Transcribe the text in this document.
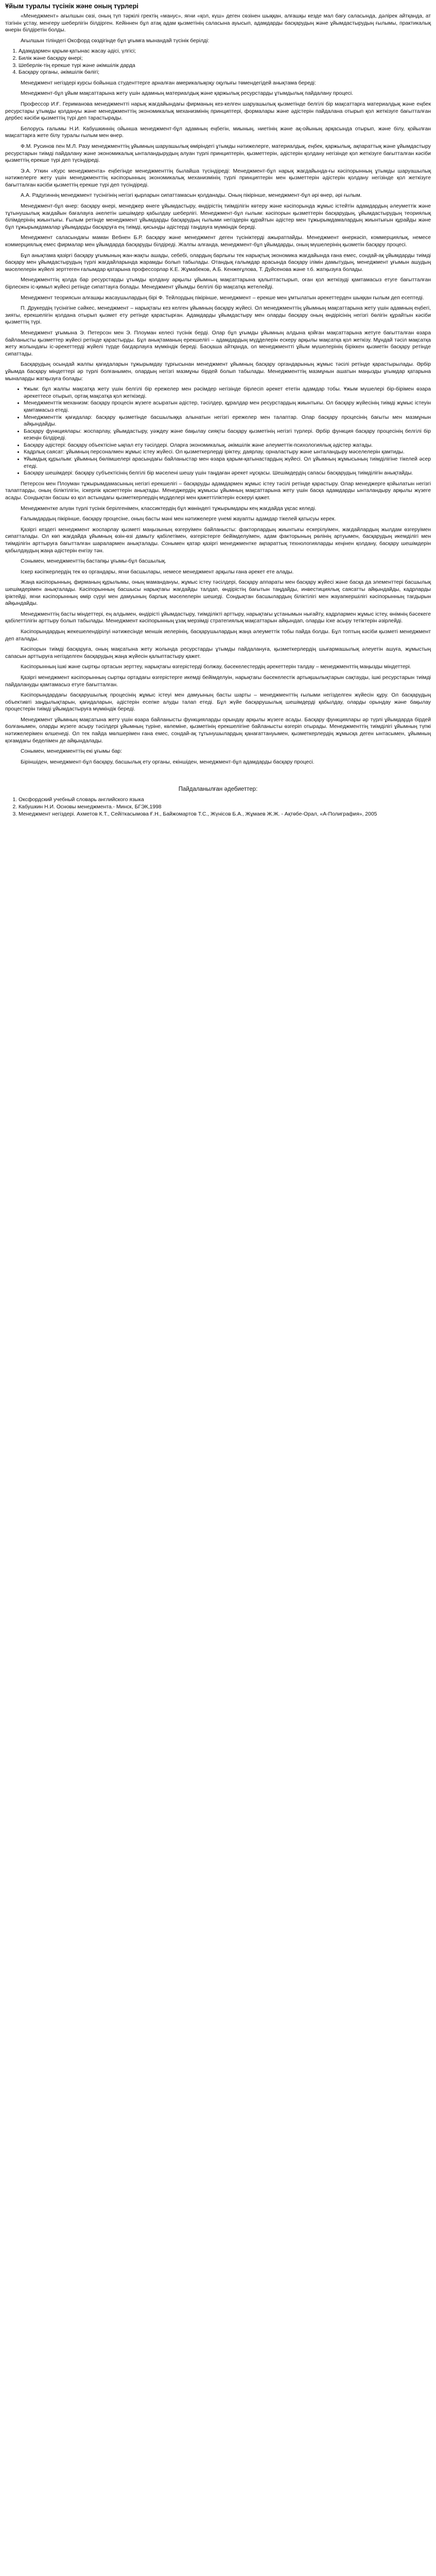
Ұйым туралы түсінік және оның түрлері

«Менеджмент» ағылшын сөзі, оның түп тәркілі гректің «манус», яғни «қол, күш» деген сөзінен шыққан, алғашқы кезде мал бағу саласында, дәлірек айтқанда, ат тізгінін ұстау, менгеру шеберлігін білдірген. Кейіннен бұл атақ адам қызметінің саласына ауысып, адамдарды басқарудың және ұйымдастырудың ғылымы, практикалық өнерін білдіретін болды.

Ағылшын тіліндегі Оксфорд сөздігінде бұл ұғымға мынандай түсінік берілді:

1. Адамдармен қарым-қатынас жасау әдісі, үлгісі;
2. Билік және басқару өнері;
3. Шеберлік-тің ерекше түрі және әкімшілік дарда
4. Басқару органы, әкімшілік бөлігі;

Менеджмент негіздері курсы бойынша студенттерге арналған америкалықоқу оқулығы төмендегідей анықтама береді:

Менеджмент-бұл ұйым мақсаттарына жету үшін адамның материалдық және қаржылық ресурстарды ұтымдылық пайдалану процесі.

Профессор И.Ғ. Гериманова менеджментті нарық жағдайындағы фирманың кез-келген шаруашылық қызметінде белгілі бір мақсаттарға материалдық және еңбек ресурстары ұтымды қолдануы және менеджменттің экономикалық механизмінің принциптері, формалары және әдістерін пайдалана отырып қол жеткізуге бағытталған дербес кәсіби қызметтің түрі деп тарастырады.

Белорусь ғалымы Н.И. Кабушкиннің ойынша менеджмент-бұл адамның еңбегін, миының, ниетінің және ақ-ойының арқасында отырып, және білу, қойылған мақсаттарға жете білу туралы ғылым мен өнер.

Ф.М. Русинов пен М.Л. Разу менеджменттің ұйымның шаруашылық өміріндегі ұтымды нәтижелерге, материалдық, еңбек, қаржылық, ақпараттық және ұйымдастыру ресурстарын тиімді пайдалану және экономикалық ынталандырудың алуан түрлі принциптерін, қызметтерін, әдістерін қолдану негізінде қол жеткізуге бағытталған кәсіби қызметтің ерекше түрі деп түсіндіреді.

Э.А. Уткин «Курс менеджмента» еңбегінде менеджменттің былайша түсіндіреді: Менеджмент-бұл нарық жағдайында-ғы кәсіпорынның ұтымды шаруашылық нәтижелерге жету үшін менеджменттің кәсіпорынның экономикалық механизмінің түрлі принциптерін мен қызметтерін әдістерін қолдану негізінде қол жеткізуге бағытталған кәсіби қызметтің ерекше түрі деп түсіндіреді.

А.А. Радугиннің менеджмент түсінігінің негізгі қырларын сипаттамасын қолданады. Оның пікірінше, менеджмент-бұл әрі өнер, әрі ғылым.

Менеджмент-бұл өнер: басқару өнері, менеджер өнеге ұйымдастыру, өндірістің тиімділігін көтеру және кәсіпорында жұмыс істейтін адамдардың әлеуметтік және тұтынушылық жағдайын бағалауға әкелетін шешімдер қабылдау шеберлігі. Менеджмент-бұл ғылым: кәсіпорын қызметтерін басқарудың, ұйымдастырудың теориялық білімдерінің жиынтығы. Ғылым ретінде менеджмент ұйымдарды басқарудың ғылыми негіздерін құрайтын әдістер мен тұжырымдамалардың жиынтығын құрайды және бұл тұжырымдамалар ұйымдарды басқаруға ең тиімді, қисынды әдістерді таңдауға мүмкіндік береді.

Менеджмент саласындағы маман Вебнен Б.Р. басқару және менеджмент деген түсініктерді ажыратпайды. Менеджмент өнеркәсіп, коммерциялық, немесе коммерциялық емес фирмалар мен ұйымдарда басқаруды білдіреді. Жалпы алғанда, менеджмент-бұл ұйымдарды, оның мүшелерінің қызметін басқару процесі.

Бұл анықтама қазіргі басқару ұғымының жан-жақты ашады, себебі, олардың барлығы тек нарықтық экономика жағдайында ғана емес, сондай-ақ ұйымдарды тиімді басқару мен ұйымдастырудың түрлі жағдайларында жарамды болып табылады. Отандық ғалымдар арасында басқару ілімін дамытудың, менеджмент ұғымын ашудың мәселелерін жүйелі зерттеген ғалымдар қатарына профессорлар К.Е. Жұмабеков, А.Б. Кенжеғұлова, Т. Дүйсенова және т.б. жатқызуға болады.

Менеджменттің қолда бар ресурстарды ұтымды қолдану арқылы ұйымның мақсаттарына қалыптастырып, оған қол жеткізуді қамтамасыз етуге бағытталған бірлескен іс-қимыл жүйесі ретінде сипаттауға болады. Менеджмент ұйымды белгілі бір мақсатқа жетелейді.

Менеджмент теориясын алғашқы жасаушылардың бірі Ф. Тейлордың пікірінше, менеджмент – ерекше мен ұмтылатын әрекеттерден шыққан ғылым деп есептеді.

П. Друкердің түсінігіне сәйкес, менеджмент – нарықтағы кез келген ұйымның басқару жүйесі. Ол менеджменттің ұйымның мақсаттарына жету үшін адамның еңбегі, зияты, ерекшелігін қолдана отырып қызмет ету ретінде қарастырған. Адамдарды ұйымдастыру мен оларды басқару оның өндірісінің негізгі бөлігін құрайтын кәсіби қызметтің түрі.

Менеджмент ұғымына Э. Петерсон мен Э. Плоуман келесі түсінік берді. Олар бұл ұғымды ұйымның алдына қойған мақсаттарына жетуге бағытталған өзара байланысты қызметтер жүйесі ретінде қарастырды. Бұл анықтаманың ерекшелігі – адамдардың мүдделерін ескеру арқылы мақсатқа қол жеткізу. Мұндай тәсіл мақсатқа жету жолындағы іс-әрекеттерді жүйелі түрде бағдарлауға мүмкіндік береді. Басқаша айтқанда, ол менеджментті ұйым мүшелерінің біріккен қызметін басқару ретінде сипаттады.

Басқарудың осындай жалпы қағидаларын тұжырымдау тұрғысынан менеджмент ұйымның басқару органдарының жұмыс тәсілі ретінде қарастырылады. Әрбір ұйымда басқару міндеттері әр түрлі болғанымен, олардың негізгі мазмұны бірдей болып табылады. Менеджменттің мазмұнын ашатын маңызды ұғымдар қатарына мыналарды жатқызуға болады:

• Ұжым: бұл жалпы мақсатқа жету үшін белгілі бір ережелер мен рәсімдер негізінде бірлесіп әрекет ететін адамдар тобы. Ұжым мүшелері бір-бірімен өзара әрекеттесе отырып, ортақ мақсатқа қол жеткізеді.
• Менеджменттік механизм: басқару процесін жүзеге асыратын әдістер, тәсілдер, құралдар мен ресурстардың жиынтығы. Ол басқару жүйесінің тиімді жұмыс істеуін қамтамасыз етеді.
• Менеджменттік қағидалар: басқару қызметінде басшылыққа алынатын негізгі ережелер мен талаптар. Олар басқару процесінің бағыты мен мазмұнын айқындайды.
• Басқару функциялары: жоспарлау, ұйымдастыру, уәждеу және бақылау сияқты басқару қызметінің негізгі түрлері. Әрбір функция басқару процесінің белгілі бір кезеңін білдіреді.
• Басқару әдістері: басқару объектісіне ықпал ету тәсілдері. Оларға экономикалық, әкімшілік және әлеуметтік-психологиялық әдістер жатады.
• Кадрлық саясат: ұйымның персоналмен жұмыс істеу жүйесі. Ол қызметкерлерді іріктеу, даярлау, орналастыру және ынталандыру мәселелерін қамтиды.
• Ұйымдық құрылым: ұйымның бөлімшелері арасындағы байланыстар мен өзара қарым-қатынастардың жүйесі. Ол ұйымның жұмысының тиімділігіне тікелей әсер етеді.
• Басқару шешімдері: басқару субъектісінің белгілі бір мәселені шешу үшін таңдаған әрекет нұсқасы. Шешімдердің сапасы басқарудың тиімділігін анықтайды.

Петерсон мен Плоуман тұжырымдамасының негізгі ерекшелігі – басқаруды адамдармен жұмыс істеу тәсілі ретінде қарастыру. Олар менеджерге қойылатын негізгі талаптарды, оның біліктілігін, іскерлік қасиеттерін анықтады. Менеджердің жұмысы ұйымның мақсаттарына жету үшін басқа адамдарды ынталандыру арқылы жүзеге асады. Сондықтан басшы өз қол астындағы қызметкерлердің мүдделері мен қажеттіліктерін ескеруі қажет.

Менеджментке алуан түрлі түсінік берілгенімен, классиктердің бұл жөніндегі тұжырымдары кең жағдайда ұқсас келеді.

Ғалымдардың пікірінше, басқару процесіне, оның басты мәні мен нәтижелерге үнемі жауапты адамдар тікелей қатысуы керек.

Қазіргі кездегі менеджмент жоспарлау қызметі маңызының өзгеруімен байланысты: факторлардың жиынтығы ескерілуімен, жағдайлардың жылдам өзгеруімен сипатталады. Ол көп жағдайда ұйымның өзін-өзі дамыту қабілетімен, өзгерістерге бейімделуімен, адам факторының рөлінің артуымен, басқарудың икемділігі мен тиімділігін арттыруға бағытталған шаралармен анықталады. Сонымен қатар қазіргі менеджментке ақпараттық технологияларды кеңінен қолдану, басқару шешімдерін қабылдаудың жаңа әдістерін енгізу тән.

Сонымен, менеджменттің бастапқы ұғымы-бұл басшылық.

Іскер кәсіпкерлердің тек өз органдары, яғни басшылары, немесе менеджмент арқылы ғана әрекет ете алады.

Жаңа кәсіпорынның, фирманың құрылымы, оның мамандануы, жұмыс істеу тәсілдері, басқару аппараты мен басқару жүйесі және басқа да элементтері басшылық шешімдерімен анықталады. Кәсіпорынның басшысы нарықтағы жағдайды талдап, өндірістің бағытын таңдайды, инвестициялық саясатты айқындайды, кадрларды іріктейді, яғни кәсіпорынның өмір сүруі мен дамуының барлық мәселелерін шешеді. Сондықтан басшылардың біліктілігі мен жауапкершілігі кәсіпорынның тағдырын айқындайды.

Менеджменттің басты міндеттері, ең алдымен, өндірісті ұйымдастыру, тиімділікті арттыру, нарықтағы ұстанымын нығайту, кадрлармен жұмыс істеу, өнімнің бәсекеге қабілеттілігін арттыру болып табылады. Менеджмент кәсіпорынның ұзақ мерзімді стратегиялық мақсаттарын айқындап, оларды іске асыру тетіктерін әзірлейді.

Кәсіпорындардың жекешелендірілуі нәтижесінде меншік иелерінің, басқарушылардың жаңа әлеуметтік тобы пайда болды. Бұл топтың кәсіби қызметі менеджмент деп аталады.

Кәсіпорын тиімді басқаруға, оның мақсатына жету жолында ресурстарды ұтымды пайдалануға, қызметкерлердің шығармашылық әлеуетін ашуға, жұмыстың сапасын арттыруға негізделген басқарудың жаңа жүйесін қалыптастыру қажет.

Кәсіпорынның ішкі және сыртқы ортасын зерттеу, нарықтағы өзгерістерді болжау, бәсекелестердің әрекеттерін талдау – менеджменттің маңызды міндеттері.

Қазіргі менеджмент кәсіпорынның сыртқы ортадағы өзгерістерге икемді бейімделуін, нарықтағы бәсекелестік артықшылықтарын сақтауды, ішкі ресурстарын тиімді пайдалануды қамтамасыз етуге бағытталған.

Кәсіпорындардағы басқарушылық процесінің жұмыс істеуі мен дамуының басты шарты – менеджменттің ғылыми негізделген жүйесін құру. Ол басқарудың объективті заңдылықтарын, қағидаларын, әдістерін есепке алуды талап етеді. Бұл жүйе басқарушылық шешімдерді қабылдау, оларды орындау және бақылау процестерін тиімді ұйымдастыруға мүмкіндік береді.

Менеджмент ұйымның мақсатына жету үшін өзара байланысты функцияларды орындау арқылы жүзеге асады. Басқару функциялары әр түрлі ұйымдарда бірдей болғанымен, оларды жүзеге асыру тәсілдері ұйымның түріне, көлеміне, қызметінің ерекшелігіне байланысты өзгеріп отырады. Менеджменттің тиімділігі ұйымның түпкі нәтижелерімен өлшенеді. Ол тек пайда мөлшерімен ғана емес, сондай-ақ тұтынушылардың қанағаттануымен, қызметкерлердің жұмысқа деген ынтасымен, ұйымның қоғамдағы беделімен де айқындалады.

Сонымен, менеджменттің екі ұғымы бар:

Біріншіден, менеджмент-бұл басқару, басшылық ету органы, екіншіден, менеджмент-бұл адамдарды басқару процесі.

Пайдаланылған әдебиеттер:
1. Оксфордский учебный словарь английского языка
2. Кабушкин Н.И. Основы менеджмента.- Минск, БГЭК,1998
3. Менеджмент негіздері. Ахметов К.Т., Сейіткасымова Ғ.Н., Байжомартов Т.С., Жүнісов Б.А., Жұмаев Ж.Ж. - Ақтөбе-Орал, «А-Полиграфия», 2005
